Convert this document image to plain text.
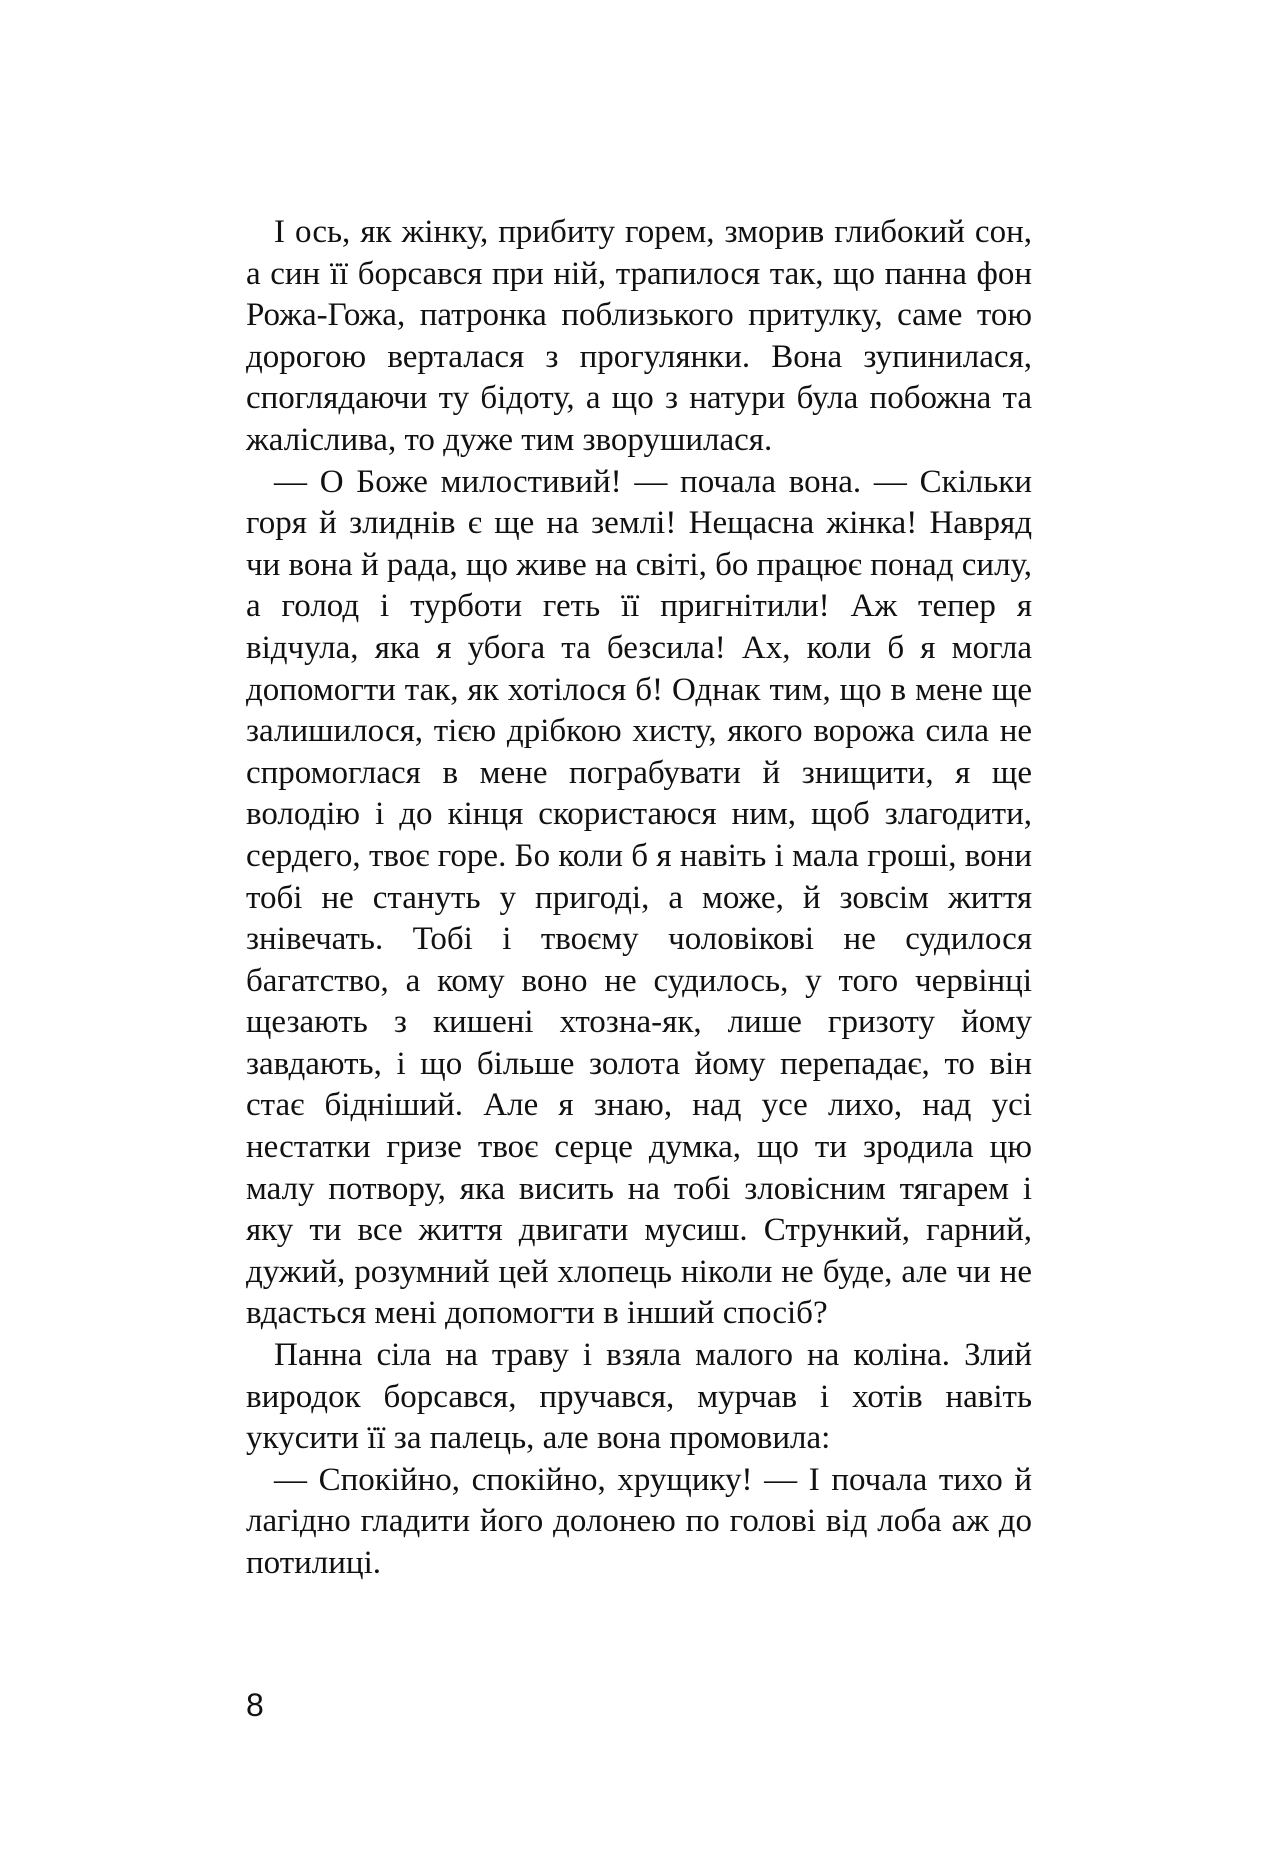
І ось, як жінку, прибиту горем, зморив глибокий сон, а син її борсався при ній, трапилося так, що панна фон Рожа-Гожа, патронка поблизького притулку, саме тою дорогою верталася з прогулянки. Вона зупинилася, споглядаючи ту бідоту, а що з натури була побожна та жаліслива, то дуже тим зворушилася.

— О Боже милостивий! — почала вона. — Скільки горя й злиднів є ще на землі! Нещасна жінка! Навряд чи вона й рада, що живе на світі, бо працює понад силу, а голод і турботи геть її пригнітили! Аж тепер я відчула, яка я убога та безсила! Ах, коли б я могла допомогти так, як хотілося б! Однак тим, що в мене ще залишилося, тією дрібкою хисту, якого ворожа сила не спромоглася в мене пограбувати й знищити, я ще володію і до кінця скористаюся ним, щоб злагодити, сердего, твоє горе. Бо коли б я навіть і мала гроші, вони тобі не стануть у пригоді, а може, й зовсім життя знівечать. Тобі і твоєму чоловікові не судилося багатство, а кому воно не судилось, у того червінці щезають з кишені хтозна-як, лише гризоту йому завдають, і що більше золота йому перепадає, то він стає бідніший. Але я знаю, над усе лихо, над усі нестатки гризе твоє серце думка, що ти зродила цю малу потвору, яка висить на тобі зловісним тягарем і яку ти все життя двигати мусиш. Стрункий, гарний, дужий, розумний цей хлопець ніколи не буде, але чи не вдасться мені допомогти в інший спосіб?

Панна сіла на траву і взяла малого на коліна. Злий виродок борсався, пручався, мурчав і хотів навіть укусити її за палець, але вона промовила:

— Спокійно, спокійно, хрущику! — І почала тихо й лагідно гладити його долонею по голові від лоба аж до потилиці.

8
